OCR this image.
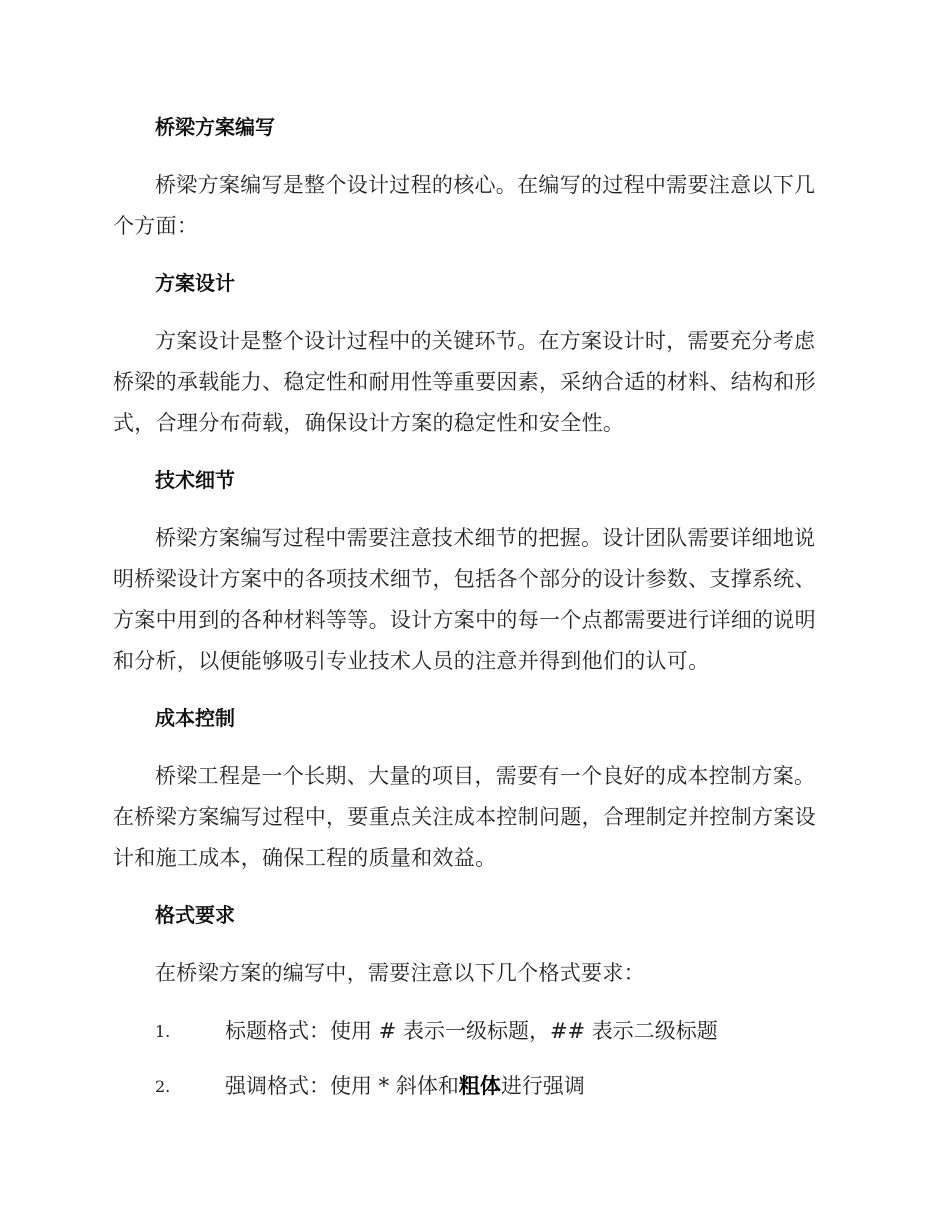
桥梁方案编写

桥梁方案编写是整个设计过程的核心。在编写的过程中需要注意以下几个方面：

方案设计

方案设计是整个设计过程中的关键环节。在方案设计时，需要充分考虑桥梁的承载能力、稳定性和耐用性等重要因素，采纳合适的材料、结构和形式，合理分布荷载，确保设计方案的稳定性和安全性。

技术细节

桥梁方案编写过程中需要注意技术细节的把握。设计团队需要详细地说明桥梁设计方案中的各项技术细节，包括各个部分的设计参数、支撑系统、方案中用到的各种材料等等。设计方案中的每一个点都需要进行详细的说明和分析，以便能够吸引专业技术人员的注意并得到他们的认可。

成本控制

桥梁工程是一个长期、大量的项目，需要有一个良好的成本控制方案。在桥梁方案编写过程中，要重点关注成本控制问题，合理制定并控制方案设计和施工成本，确保工程的质量和效益。

格式要求

在桥梁方案的编写中，需要注意以下几个格式要求：

1.	标题格式：使用 # 表示一级标题，## 表示二级标题
2.	强调格式：使用 * 斜体和粗体进行强调
